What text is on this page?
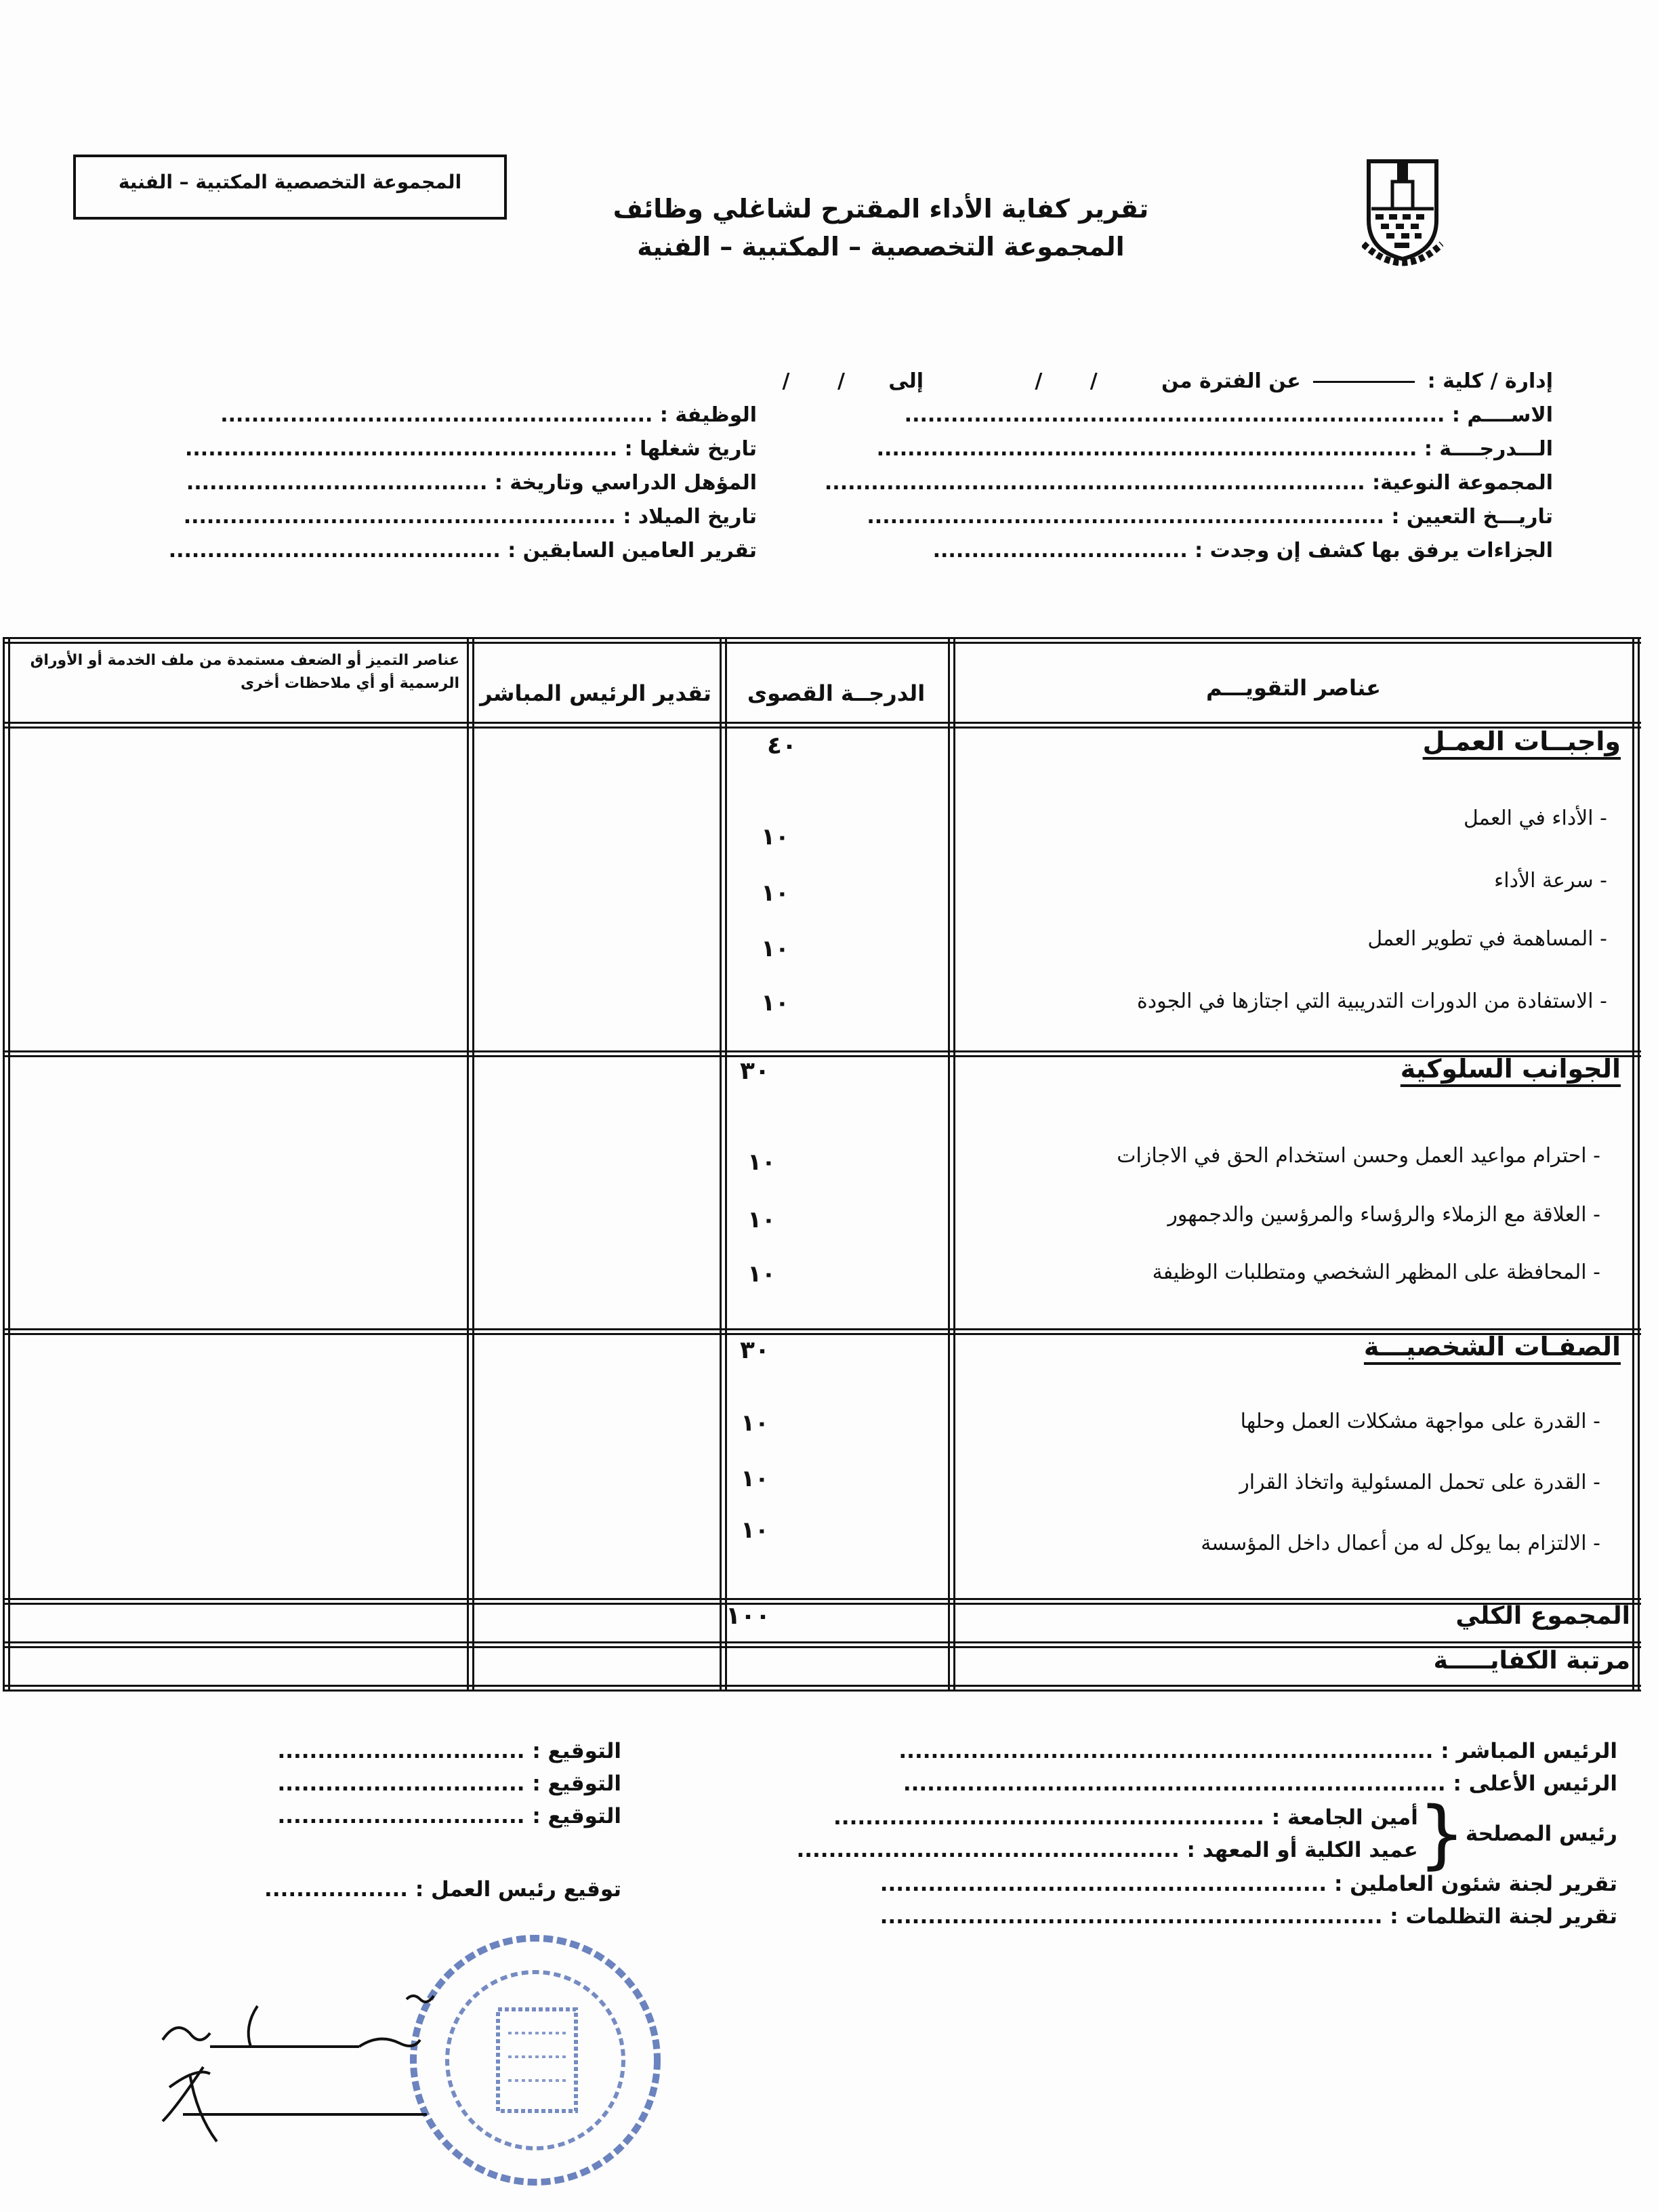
المجموعة التخصصية المكتبية – الفنية
تقرير كفاية الأداء المقترح لشاغلي وظائف
المجموعة التخصصية – المكتبية – الفنية
إدارة / كلية :  عن الفترة من / / إلى / /
الاســــم : ......................................................................
الـــدرجــــة : ......................................................................
المجموعة النوعية: ......................................................................
تاريـــخ التعيين : ...................................................................
الجزاءات يرفق بها كشف إن وجدت : .................................
الوظيفة : ........................................................
تاريخ شغلها : ........................................................
المؤهل الدراسي وتاريخة : .......................................
تاريخ الميلاد : ........................................................
تقرير العامين السابقين : ...........................................
عناصر التقويـــم
الدرجــة القصوى
تقدير الرئيس المباشر
عناصر التميز أو الضعف مستمدة من ملف الخدمة أو الأوراق الرسمية أو أي ملاحظات أخرى
واجبــات العمـل
٤٠
- الأداء في العمل
١٠
- سرعة الأداء
١٠
- المساهمة في تطوير العمل
١٠
- الاستفادة من الدورات التدريبية التي اجتازها في الجودة
١٠
الجوانب السلوكية
٣٠
- احترام مواعيد العمل وحسن استخدام الحق في الاجازات
١٠
- العلاقة مع الزملاء والرؤساء والمرؤسين والدجمهور
١٠
- المحافظة على المظهر الشخصي ومتطلبات الوظيفة
١٠
الصفـات الشخصيـــة
٣٠
- القدرة على مواجهة مشكلات العمل وحلها
١٠
- القدرة على تحمل المسئولية واتخاذ القرار
١٠
- الالتزام بما يوكل له من أعمال داخل المؤسسة
١٠
المجموع الكلي
١٠٠
مرتبة الكفايـــــة
الرئيس المباشر : ...................................................................
الرئيس الأعلى : ....................................................................
رئيس المصلحة
{
أمين الجامعة : ......................................................
عميد الكلية أو المعهد : ................................................
تقرير لجنة شئون العاملين : ........................................................
تقرير لجنة التظلمات : ...............................................................
التوقيع : ...............................
التوقيع : ...............................
التوقيع : ...............................
توقيع رئيس العمل : ..................
